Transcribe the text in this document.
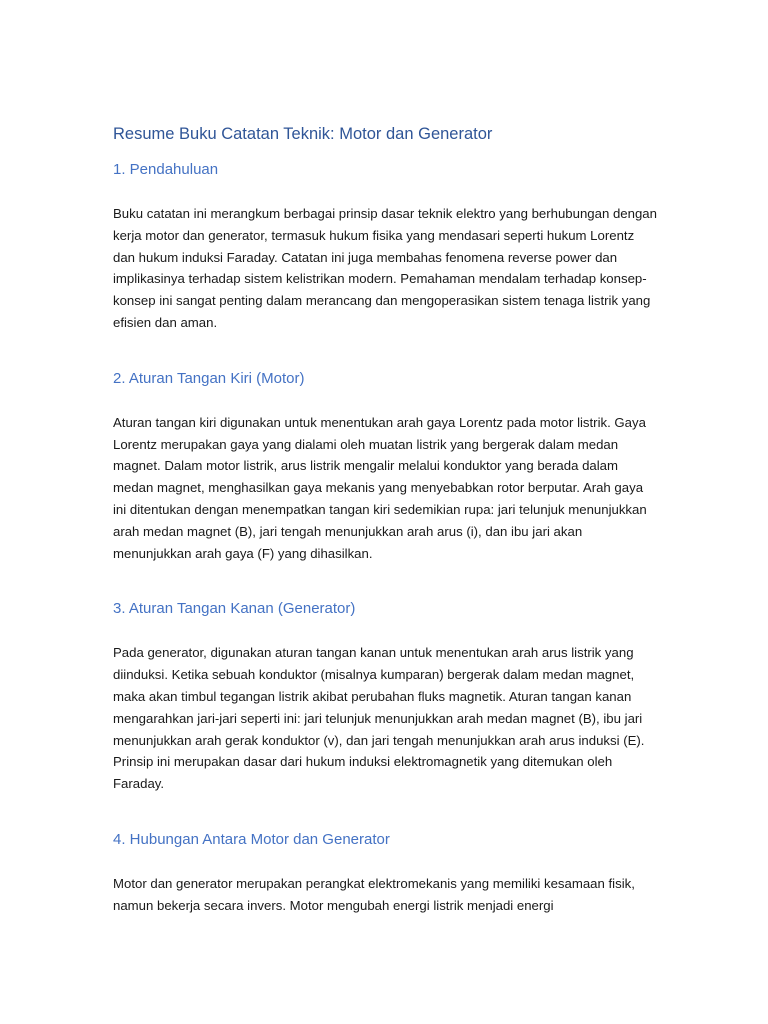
Resume Buku Catatan Teknik: Motor dan Generator
1. Pendahuluan

Buku catatan ini merangkum berbagai prinsip dasar teknik elektro yang berhubungan dengan kerja motor dan generator, termasuk hukum fisika yang mendasari seperti hukum Lorentz dan hukum induksi Faraday. Catatan ini juga membahas fenomena reverse power dan implikasinya terhadap sistem kelistrikan modern. Pemahaman mendalam terhadap konsep-konsep ini sangat penting dalam merancang dan mengoperasikan sistem tenaga listrik yang efisien dan aman.

2. Aturan Tangan Kiri (Motor)

Aturan tangan kiri digunakan untuk menentukan arah gaya Lorentz pada motor listrik. Gaya Lorentz merupakan gaya yang dialami oleh muatan listrik yang bergerak dalam medan magnet. Dalam motor listrik, arus listrik mengalir melalui konduktor yang berada dalam medan magnet, menghasilkan gaya mekanis yang menyebabkan rotor berputar. Arah gaya ini ditentukan dengan menempatkan tangan kiri sedemikian rupa: jari telunjuk menunjukkan arah medan magnet (B), jari tengah menunjukkan arah arus (i), dan ibu jari akan menunjukkan arah gaya (F) yang dihasilkan.

3. Aturan Tangan Kanan (Generator)

Pada generator, digunakan aturan tangan kanan untuk menentukan arah arus listrik yang diinduksi. Ketika sebuah konduktor (misalnya kumparan) bergerak dalam medan magnet, maka akan timbul tegangan listrik akibat perubahan fluks magnetik. Aturan tangan kanan mengarahkan jari-jari seperti ini: jari telunjuk menunjukkan arah medan magnet (B), ibu jari menunjukkan arah gerak konduktor (v), dan jari tengah menunjukkan arah arus induksi (E). Prinsip ini merupakan dasar dari hukum induksi elektromagnetik yang ditemukan oleh Faraday.

4. Hubungan Antara Motor dan Generator

Motor dan generator merupakan perangkat elektromekanis yang memiliki kesamaan fisik, namun bekerja secara invers. Motor mengubah energi listrik menjadi energi
